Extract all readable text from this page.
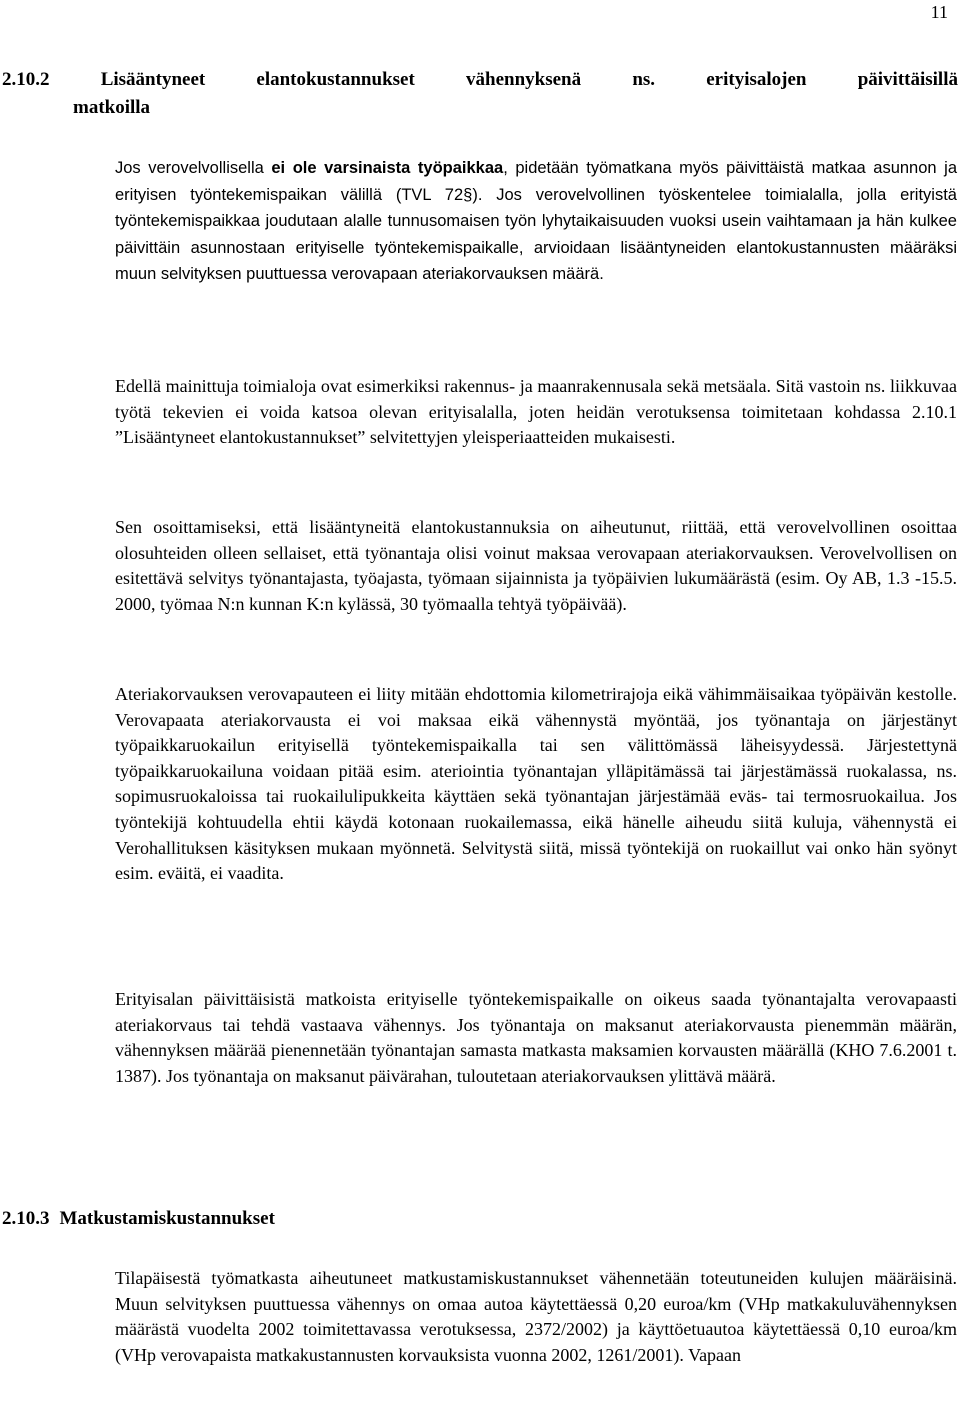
11
2.10.2	Lisääntyneet	elantokustannukset	vähennyksenä	ns.	erityisalojen	päivittäisillä
matkoilla

Jos verovelvollisella ei ole varsinaista työpaikkaa, pidetään työmatkana myös päivittäistä matkaa asunnon ja erityisen työntekemispaikan välillä (TVL 72§). Jos verovelvollinen työskentelee toimialalla, jolla erityistä työntekemispaikkaa joudutaan alalle tunnusomaisen työn lyhytaikaisuuden vuoksi usein vaihtamaan ja hän kulkee päivittäin asunnostaan erityiselle työntekemispaikalle, arvioidaan lisääntyneiden elantokustannusten määräksi muun selvityksen puuttuessa verovapaan ateriakorvauksen määrä.

Edellä mainittuja toimialoja ovat esimerkiksi rakennus- ja maanrakennusala sekä metsäala. Sitä vastoin ns. liikkuvaa työtä tekevien ei voida katsoa olevan erityisalalla, joten heidän verotuksensa toimitetaan kohdassa 2.10.1 ”Lisääntyneet elantokustannukset” selvitettyjen yleisperiaatteiden mukaisesti.

Sen osoittamiseksi, että lisääntyneitä elantokustannuksia on aiheutunut, riittää, että verovelvollinen osoittaa olosuhteiden olleen sellaiset, että työnantaja olisi voinut maksaa verovapaan ateriakorvauksen. Verovelvollisen on esitettävä selvitys työnantajasta, työajasta, työmaan sijainnista ja työpäivien lukumäärästä (esim. Oy AB, 1.3 -15.5. 2000, työmaa N:n kunnan K:n kylässä, 30 työmaalla tehtyä työpäivää).

Ateriakorvauksen verovapauteen ei liity mitään ehdottomia kilometrirajoja eikä vähimmäisaikaa työpäivän kestolle. Verovapaata ateriakorvausta ei voi maksaa eikä vähennystä myöntää, jos työnantaja on järjestänyt työpaikkaruokailun erityisellä työntekemispaikalla tai sen välittömässä läheisyydessä. Järjestettynä työpaikkaruokailuna voidaan pitää esim. ateriointia työnantajan ylläpitämässä tai järjestämässä ruokalassa, ns. sopimusruokaloissa tai ruokailulipukkeita käyttäen sekä työnantajan järjestämää eväs- tai termosruokailua. Jos työntekijä kohtuudella ehtii käydä kotonaan ruokailemassa, eikä hänelle aiheudu siitä kuluja, vähennystä ei Verohallituksen käsityksen mukaan myönnetä. Selvitystä siitä, missä työntekijä on ruokaillut vai onko hän syönyt esim. eväitä, ei vaadita.

Erityisalan päivittäisistä matkoista erityiselle työntekemispaikalle on oikeus saada työnantajalta verovapaasti ateriakorvaus tai tehdä vastaava vähennys. Jos työnantaja on maksanut ateriakorvausta pienemmän määrän, vähennyksen määrää pienennetään työnantajan samasta matkasta maksamien korvausten määrällä (KHO 7.6.2001 t. 1387). Jos työnantaja on maksanut päivärahan, tuloutetaan ateriakorvauksen ylittävä määrä.

2.10.3 Matkustamiskustannukset

Tilapäisestä työmatkasta aiheutuneet matkustamiskustannukset vähennetään toteutuneiden kulujen määräisinä. Muun selvityksen puuttuessa vähennys on omaa autoa käytettäessä 0,20 euroa/km (VHp matkakuluvähennyksen määrästä vuodelta 2002 toimitettavassa verotuksessa, 2372/2002) ja käyttöetuautoa käytettäessä 0,10 euroa/km (VHp verovapaista matkakustannusten korvauksista vuonna 2002, 1261/2001). Vapaan
